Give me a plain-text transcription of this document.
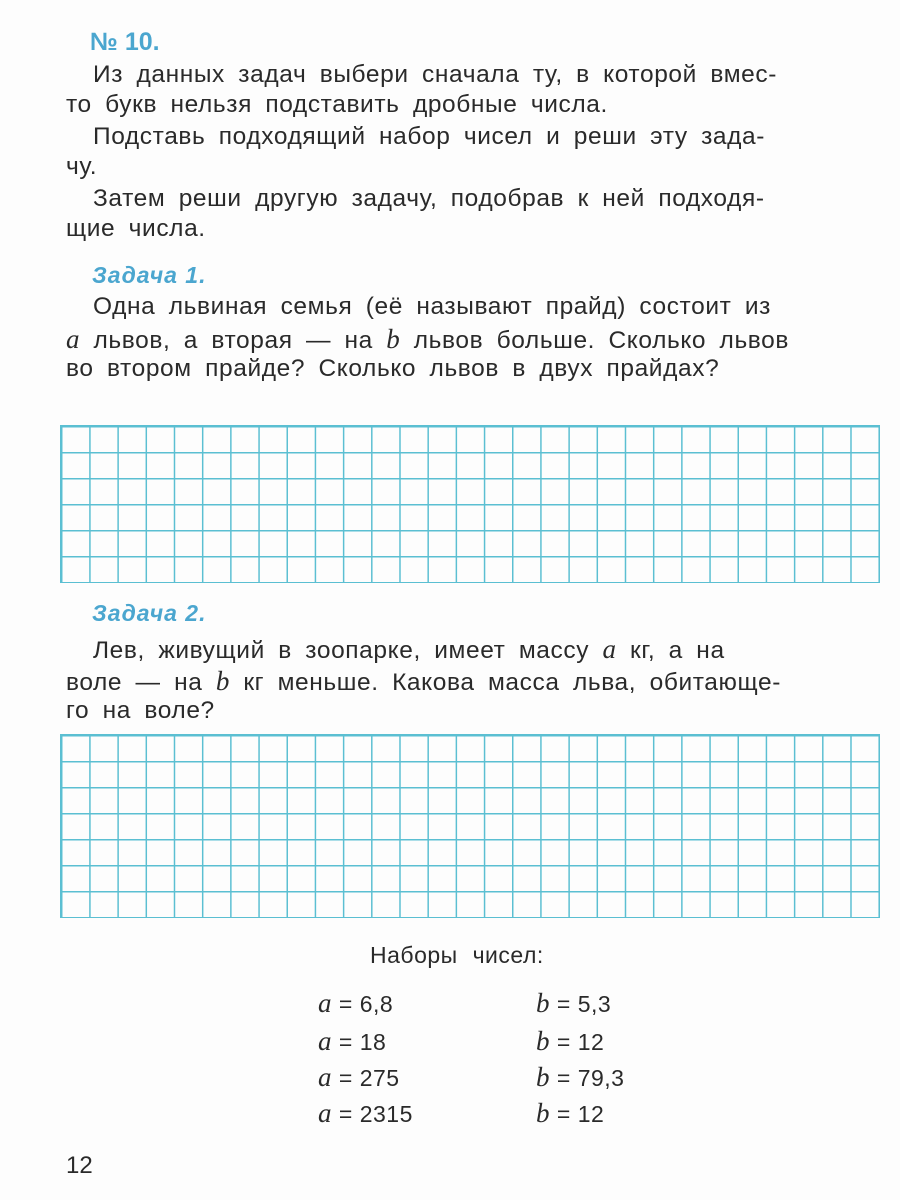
№ 10.
Из данных задач выбери сначала ту, в которой вмес-
то букв нельзя подставить дробные числа.
Подставь подходящий набор чисел и реши эту зада-
чу.
Затем реши другую задачу, подобрав к ней подходя-
щие числа.
Задача 1.
Одна львиная семья (её называют прайд) состоит из
a львов, а вторая — на b львов больше. Сколько львов
во втором прайде? Сколько львов в двух прайдах?
Задача 2.
Лев, живущий в зоопарке, имеет массу a кг, а на
воле — на b кг меньше. Какова масса льва, обитающе-
го на воле?
Наборы чисел:
a = 6,8	b = 5,3
a = 18	b = 12
a = 275	b = 79,3
a = 2315	b = 12
12
